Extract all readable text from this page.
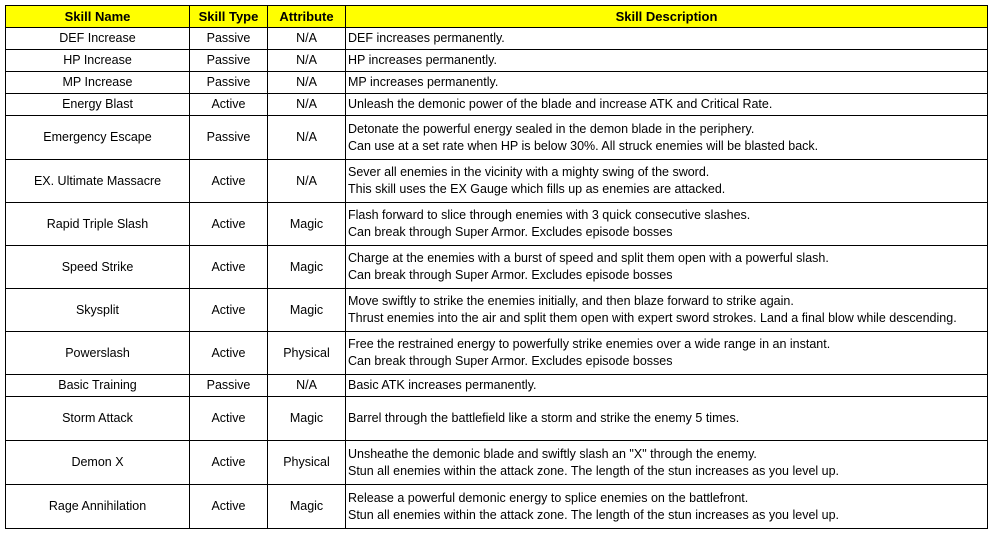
Skill Name	Skill Type	Attribute	Skill Description
DEF Increase	Passive	N/A	DEF increases permanently.

HP Increase	Passive	N/A	HP increases permanently.

MP Increase	Passive	N/A	MP increases permanently.

Energy Blast	Active	N/A	Unleash the demonic power of the blade and increase ATK and Critical Rate.

Emergency Escape	Passive	N/A	Detonate the powerful energy sealed in the demon blade in the periphery.
Can use at a set rate when HP is below 30%. All struck enemies will be blasted back.

EX. Ultimate Massacre	Active	N/A	Sever all enemies in the vicinity with a mighty swing of the sword.
This skill uses the EX Gauge which fills up as enemies are attacked.

Rapid Triple Slash	Active	Magic	Flash forward to slice through enemies with 3 quick consecutive slashes.
Can break through Super Armor. Excludes episode bosses

Speed Strike	Active	Magic	Charge at the enemies with a burst of speed and split them open with a powerful slash.
Can break through Super Armor. Excludes episode bosses

Skysplit	Active	Magic	Move swiftly to strike the enemies initially, and then blaze forward to strike again.
Thrust enemies into the air and split them open with expert sword strokes. Land a final blow while descending.

Powerslash	Active	Physical	Free the restrained energy to powerfully strike enemies over a wide range in an instant.
Can break through Super Armor. Excludes episode bosses

Basic Training	Passive	N/A	Basic ATK increases permanently.

Storm Attack	Active	Magic	Barrel through the battlefield like a storm and strike the enemy 5 times.

Demon X	Active	Physical	Unsheathe the demonic blade and swiftly slash an "X" through the enemy.
Stun all enemies within the attack zone. The length of the stun increases as you level up.

Rage Annihilation	Active	Magic	Release a powerful demonic energy to splice enemies on the battlefront.
Stun all enemies within the attack zone. The length of the stun increases as you level up.
